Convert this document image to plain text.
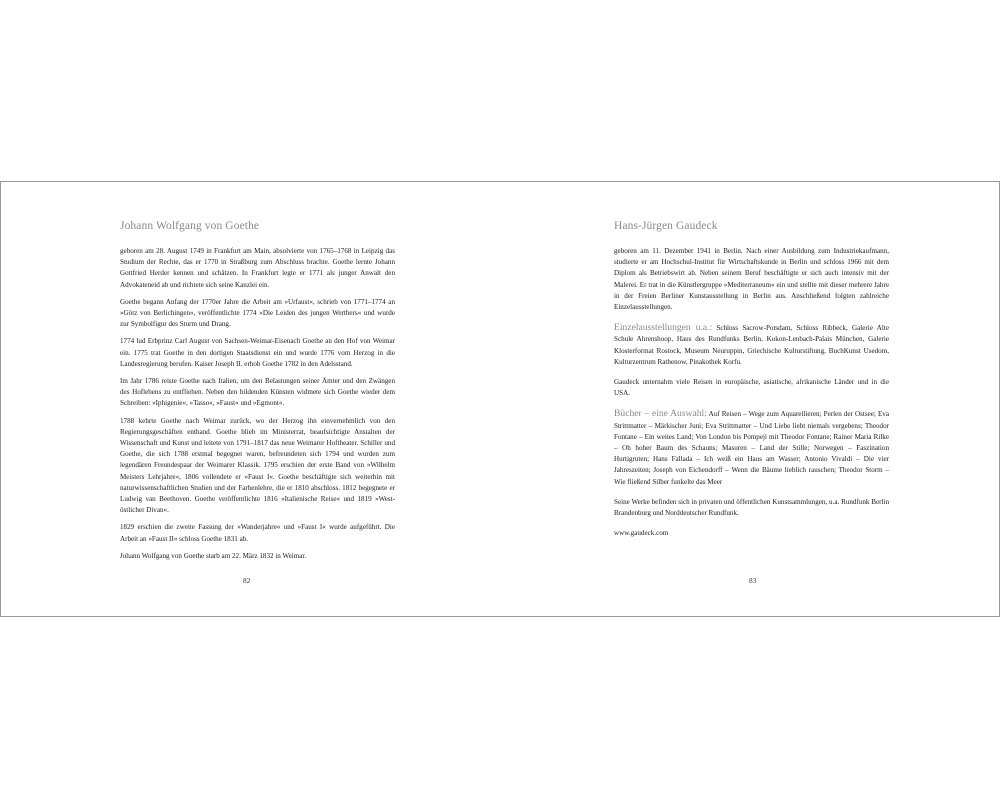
Johann Wolfgang von Goethe

geboren am 28. August 1749 in Frankfurt am Main, absolvierte von 1765–1768 in Leipzig das Studium der Rechte, das er 1770 in Straßburg zum Abschluss brachte. Goethe lernte Johann Gottfried Herder kennen und schätzen. In Frankfurt legte er 1771 als junger Anwalt den Advokateneid ab und richtete sich seine Kanzlei ein.

Goethe begann Anfang der 1770er Jahre die Arbeit am »Urfaust«, schrieb von 1771–1774 an »Götz von Berlichingen«, veröffentlichte 1774 »Die Leiden des jungen Werthers« und wurde zur Symbolfigur des Sturm und Drang.

1774 lud Erbprinz Carl August von Sachsen-Weimar-Eisenach Goethe an den Hof von Weimar ein. 1775 trat Goethe in den dortigen Staatsdienst ein und wurde 1776 vom Herzog in die Landesregierung berufen. Kaiser Joseph II. erhob Goethe 1782 in den Adelsstand.

Im Jahr 1786 reiste Goethe nach Italien, um den Belastungen seiner Ämter und den Zwängen des Hoflebens zu entfliehen. Neben den bildenden Künsten widmete sich Goethe wieder dem Schreiben: »Iphigenie«, »Tasso«, »Faust« und »Egmont«.

1788 kehrte Goethe nach Weimar zurück, wo der Herzog ihn einvernehmlich von den Regierungsgeschäften entband. Goethe blieb im Ministerrat, beaufsichtigte Anstalten der Wissenschaft und Kunst und leitete von 1791–1817 das neue Weimarer Hoftheater. Schiller und Goethe, die sich 1788 erstmal begegnet waren, befreundeten sich 1794 und wurden zum legendären Freundespaar der Weimarer Klassik. 1795 erschien der erste Band von »Wilhelm Meisters Lehrjahre«, 1806 vollendete er »Faust I«. Goethe beschäftigte sich weiterhin mit naturwissenschaftlichen Studien und der Farbenlehre, die er 1810 abschloss. 1812 begegnete er Ludwig van Beethoven. Goethe veröffentlichte 1816 »Italienische Reise« und 1819 »West-östlicher Divan«.

1829 erschien die zweite Fassung der »Wanderjahre« und »Faust I« wurde aufgeführt. Die Arbeit an »Faust II« schloss Goethe 1831 ab.

Johann Wolfgang von Goethe starb am 22. März 1832 in Weimar.

82
Hans-Jürgen Gaudeck

geboren am 11. Dezember 1941 in Berlin. Nach einer Ausbildung zum Industriekaufmann, studierte er am Hochschul-Institut für Wirtschaftskunde in Berlin und schloss 1966 mit dem Diplom als Betriebswirt ab. Neben seinem Beruf beschäftigte er sich auch intensiv mit der Malerei. Er trat in die Künstlergruppe »Mediterraneum« ein und stellte mit dieser mehrere Jahre in der Freien Berliner Kunstausstellung in Berlin aus. Anschließend folgten zahlreiche Einzelausstellungen.

Einzelausstellungen u.a.: Schloss Sacrow-Potsdam, Schloss Ribbeck, Galerie Alte Schule Ahrenshoop, Haus des Rundfunks Berlin, Kokon-Lenbach-Palais München, Galerie Klosterformat Rostock, Museum Neuruppin, Griechische Kulturstiftung, BuchKunst Usedom, Kulturzentrum Rathenow, Pinakothek Korfu.

Gaudeck unternahm viele Reisen in europäische, asiatische, afrikanische Länder und in die USA.

Bücher – eine Auswahl: Auf Reisen – Wege zum Aquarellieren; Perlen der Ostsee; Eva Strittmatter – Märkischer Juni; Eva Strittmatter – Und Liebe liebt niemals vergebens; Theodor Fontane – Ein weites Land; Von London bis Pompeji mit Theodor Fontane; Rainer Maria Rilke – Oh hoher Baum des Schauns; Masuren – Land der Stille; Norwegen – Faszination Hurtigruten; Hans Fallada – Ich weiß ein Haus am Wasser; Antonio Vivaldi – Die vier Jahreszeiten; Joseph von Eichendorff – Wenn die Bäume lieblich rauschen; Theodor Storm – Wie fließend Silber funkelte das Meer

Seine Werke befinden sich in privaten und öffentlichen Kunstsammlungen, u.a. Rundfunk Berlin Brandenburg und Norddeutscher Rundfunk.

www.gaudeck.com

83
